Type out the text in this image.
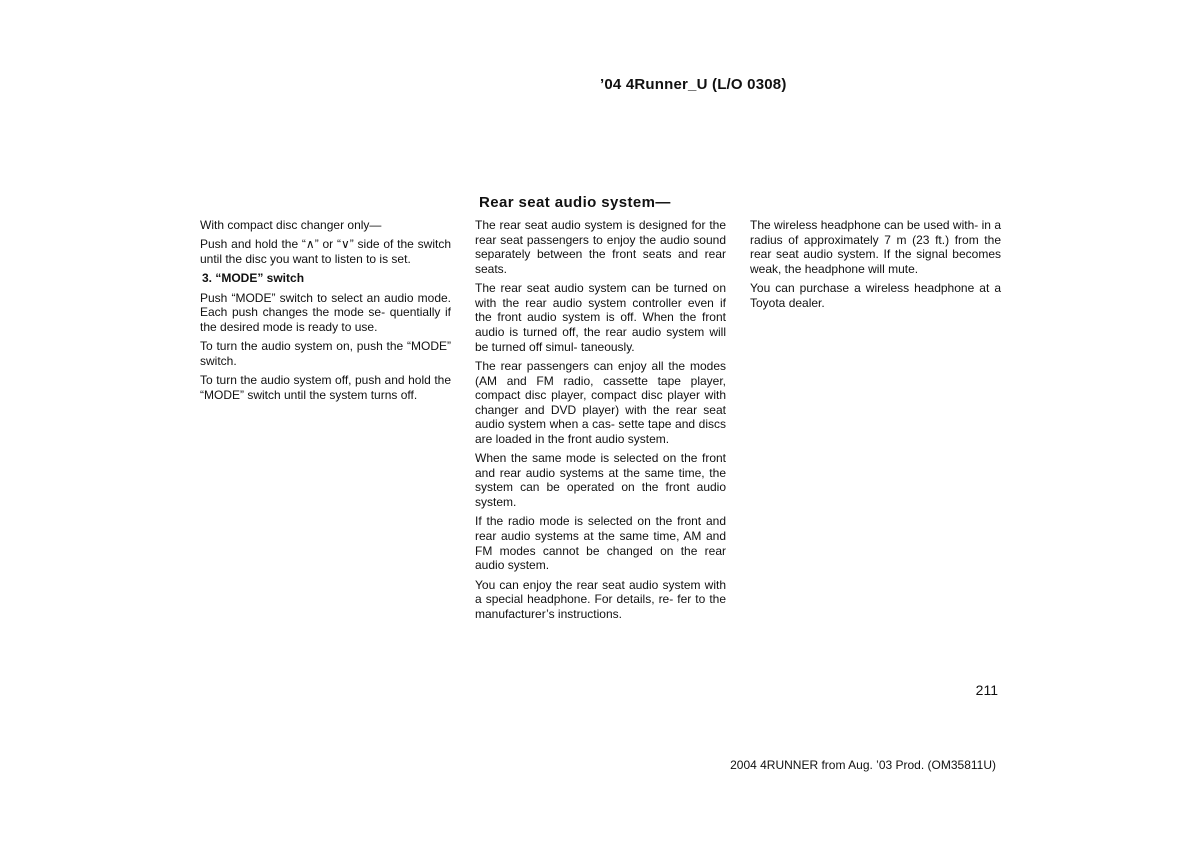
’04 4Runner_U (L/O 0308)
Rear seat audio system—

With compact disc changer only—

Push and hold the “∧” or “∨” side of the switch until the disc you want to listen to is set.

3. “MODE” switch

Push “MODE” switch to select an audio mode. Each push changes the mode se- quentially if the desired mode is ready to use.

To turn the audio system on, push the “MODE” switch.

To turn the audio system off, push and hold the “MODE” switch until the system turns off.

The rear seat audio system is designed for the rear seat passengers to enjoy the audio sound separately between the front seats and rear seats.

The rear seat audio system can be turned on with the rear audio system controller even if the front audio system is off. When the front audio is turned off, the rear audio system will be turned off simul- taneously.

The rear passengers can enjoy all the modes (AM and FM radio, cassette tape player, compact disc player, compact disc player with changer and DVD player) with the rear seat audio system when a cas- sette tape and discs are loaded in the front audio system.

When the same mode is selected on the front and rear audio systems at the same time, the system can be operated on the front audio system.

If the radio mode is selected on the front and rear audio systems at the same time, AM and FM modes cannot be changed on the rear audio system.

You can enjoy the rear seat audio system with a special headphone. For details, re- fer to the manufacturer’s instructions.

The wireless headphone can be used with- in a radius of approximately 7 m (23 ft.) from the rear seat audio system. If the signal becomes weak, the headphone will mute.

You can purchase a wireless headphone at a Toyota dealer.

211
2004 4RUNNER from Aug. ’03 Prod. (OM35811U)
